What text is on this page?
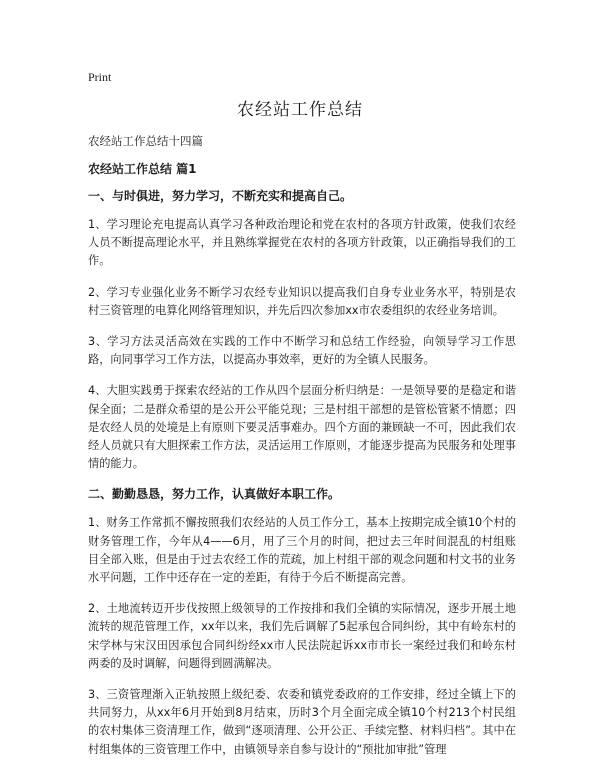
Print
农经站工作总结

农经站工作总结十四篇

农经站工作总结 篇1

一、与时俱进，努力学习，不断充实和提高自己。

1、学习理论充电提高认真学习各种政治理论和党在农村的各项方针政策，使我们农经人员不断提高理论水平，并且熟练掌握党在农村的各项方针政策，以正确指导我们的工作。

2、学习专业强化业务不断学习农经专业知识以提高我们自身专业业务水平，特别是农村三资管理的电算化网络管理知识，并先后四次参加xx市农委组织的农经业务培训。

3、学习方法灵活高效在实践的工作中不断学习和总结工作经验，向领导学习工作思路，向同事学习工作方法，以提高办事效率，更好的为全镇人民服务。

4、大胆实践勇于探索农经站的工作从四个层面分析归纳是：一是领导要的是稳定和谐保全面；二是群众希望的是公开公平能兑现；三是村组干部想的是管松管紧不情愿；四是农经人员的处境是上有原则下要灵活事难办。四个方面的兼顾缺一不可，因此我们农经人员就只有大胆探索工作方法，灵活运用工作原则，才能逐步提高为民服务和处理事情的能力。

二、勤勤恳恳，努力工作，认真做好本职工作。

1、财务工作常抓不懈按照我们农经站的人员工作分工，基本上按期完成全镇10个村的财务管理工作，今年从4——6月，用了三个月的时间，把过去三年时间混乱的村组账目全部入账，但是由于过去农经工作的荒疏，加上村组干部的观念问题和村文书的业务水平问题，工作中还存在一定的差距，有待于今后不断提高完善。

2、土地流转迈开步伐按照上级领导的工作按排和我们全镇的实际情况，逐步开展土地流转的规范管理工作，xx年以来，我们先后调解了5起承包合同纠纷，其中有岭东村的宋学林与宋汉田因承包合同纠纷经xx市人民法院起诉xx市市长一案经过我们和岭东村两委的及时调解，问题得到圆满解决。

3、三资管理渐入正轨按照上级纪委、农委和镇党委政府的工作安排，经过全镇上下的共同努力，从xx年6月开始到8月结束，历时3个月全面完成全镇10个村213个村民组的农村集体三资清理工作，做到“逐项清理、公开公正、手续完整、材料归档”。其中在村组集体的三资管理工作中，由镇领导亲自参与设计的“预批加审批”管理
